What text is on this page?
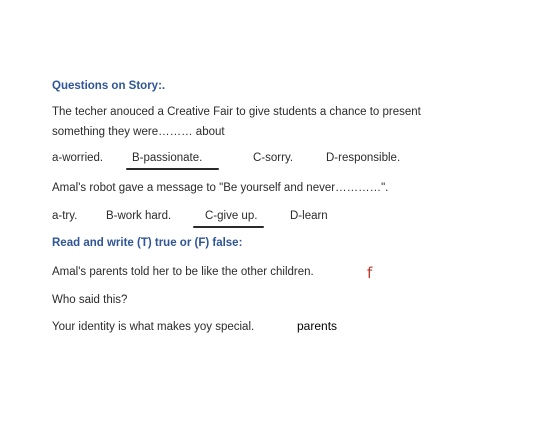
Questions on Story:.
The techer anouced a Creative Fair to give students a chance to present
something they were……… about
a-worried.	B-passionate.	C-sorry.	D-responsible.
Amal's robot gave a message to "Be yourself and never…………".
a-try. B-work hard.	C-give up.	D-learn
Read and write (T) true or (F) false:
Amal's parents told her to be like the other children.	f
Who said this?
Your identity is what makes yoy special.	parents
